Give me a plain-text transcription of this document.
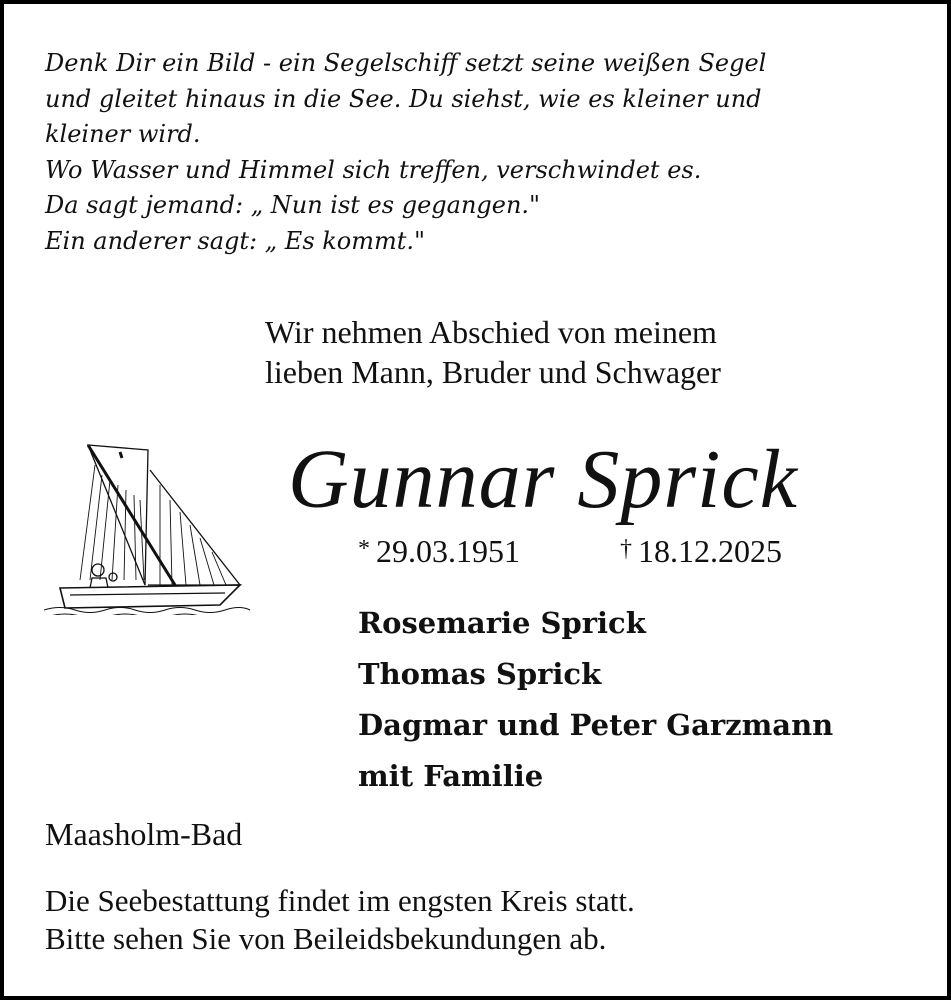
Denk Dir ein Bild - ein Segelschiff setzt seine weißen Segel
und gleitet hinaus in die See. Du siehst, wie es kleiner und
kleiner wird.
Wo Wasser und Himmel sich treffen, verschwindet es.
Da sagt jemand: „ Nun ist es gegangen."
Ein anderer sagt: „ Es kommt."
Wir nehmen Abschied von meinem
lieben Mann, Bruder und Schwager
Gunnar Sprick
* 29.03.1951	† 18.12.2025
Rosemarie Sprick
Thomas Sprick
Dagmar und Peter Garzmann
mit Familie
Maasholm-Bad
Die Seebestattung findet im engsten Kreis statt.
Bitte sehen Sie von Beileidsbekundungen ab.
